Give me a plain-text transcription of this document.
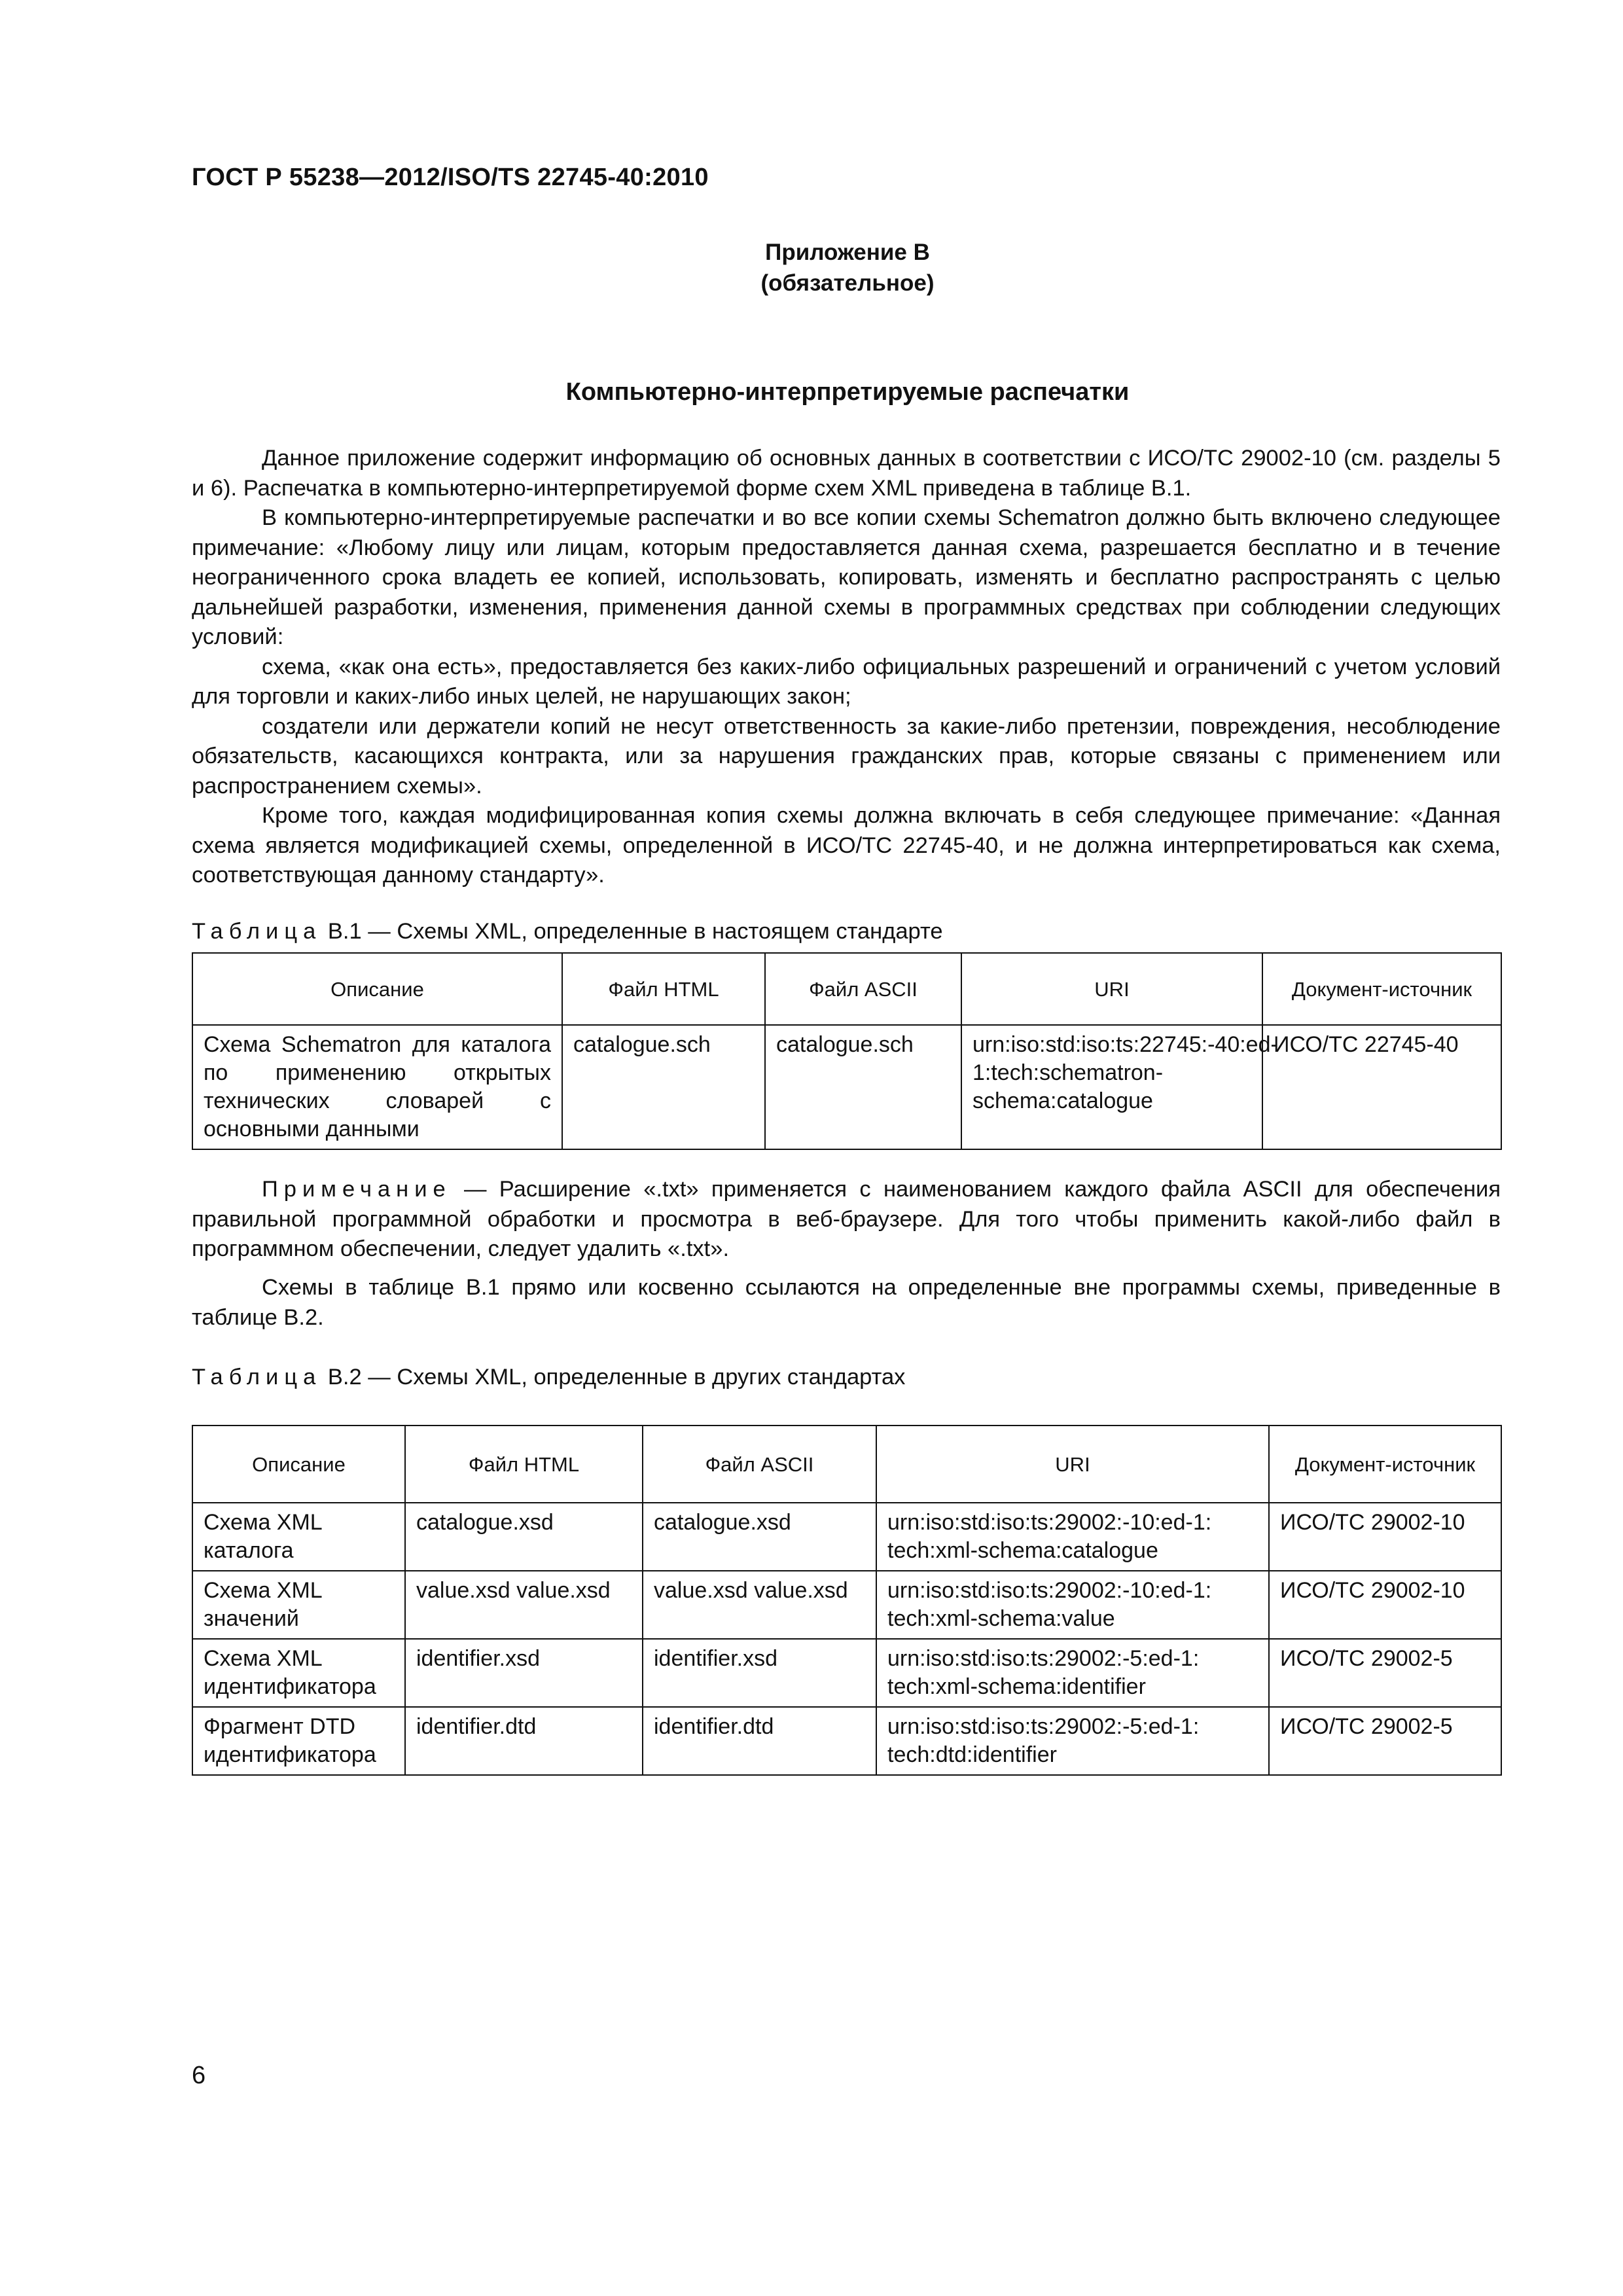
ГОСТ Р 55238—2012/ISO/TS 22745-40:2010
Приложение В
(обязательное)
Компьютерно-интерпретируемые распечатки

Данное приложение содержит информацию об основных данных в соответствии с ИСО/ТС 29002-10 (см. разделы 5 и 6). Распечатка в компьютерно-интерпретируемой форме схем XML приведена в таблице В.1.

В компьютерно-интерпретируемые распечатки и во все копии схемы Schematron должно быть включено следующее примечание: «Любому лицу или лицам, которым предоставляется данная схема, разрешается бесплатно и в течение неограниченного срока владеть ее копией, использовать, копировать, изменять и бесплатно распространять с целью дальнейшей разработки, изменения, применения данной схемы в программных средствах при соблюдении следующих условий:

схема, «как она есть», предоставляется без каких-либо официальных разрешений и ограничений с учетом условий для торговли и каких-либо иных целей, не нарушающих закон;

создатели или держатели копий не несут ответственность за какие-либо претензии, повреждения, несоблюдение обязательств, касающихся контракта, или за нарушения гражданских прав, которые связаны с применением или распространением схемы».

Кроме того, каждая модифицированная копия схемы должна включать в себя следующее примечание: «Данная схема является модификацией схемы, определенной в ИСО/ТС 22745-40, и не должна интерпретироваться как схема, соответствующая данному стандарту».

Таблица В.1 — Схемы XML, определенные в настоящем стандарте
Описание	Файл HTML	Файл ASCII	URI	Документ-источник
Схема Schematron для каталога по применению открытых технических словарей с основными данными	catalogue.sch	catalogue.sch	urn:iso:std:iso:ts:22745:-40:ed-1:tech:schematron-schema:catalogue	ИСО/ТС 22745-40

Примечание — Расширение «.txt» применяется с наименованием каждого файла ASCII для обеспечения правильной программной обработки и просмотра в веб-браузере. Для того чтобы применить какой-либо файл в программном обеспечении, следует удалить «.txt».

Схемы в таблице В.1 прямо или косвенно ссылаются на определенные вне программы схемы, приведенные в таблице В.2.

Таблица В.2 — Схемы XML, определенные в других стандартах
Описание	Файл HTML	Файл ASCII	URI	Документ-источник
Схема XML каталога	catalogue.xsd	catalogue.xsd	urn:iso:std:iso:ts:29002:-10:ed-1: tech:xml-schema:catalogue	ИСО/ТС 29002-10
Схема XML значений	value.xsd value.xsd	value.xsd value.xsd	urn:iso:std:iso:ts:29002:-10:ed-1: tech:xml-schema:value	ИСО/ТС 29002-10
Схема XML идентификатора	identifier.xsd	identifier.xsd	urn:iso:std:iso:ts:29002:-5:ed-1: tech:xml-schema:identifier	ИСО/ТС 29002-5
Фрагмент DTD идентификатора	identifier.dtd	identifier.dtd	urn:iso:std:iso:ts:29002:-5:ed-1: tech:dtd:identifier	ИСО/ТС 29002-5
6
